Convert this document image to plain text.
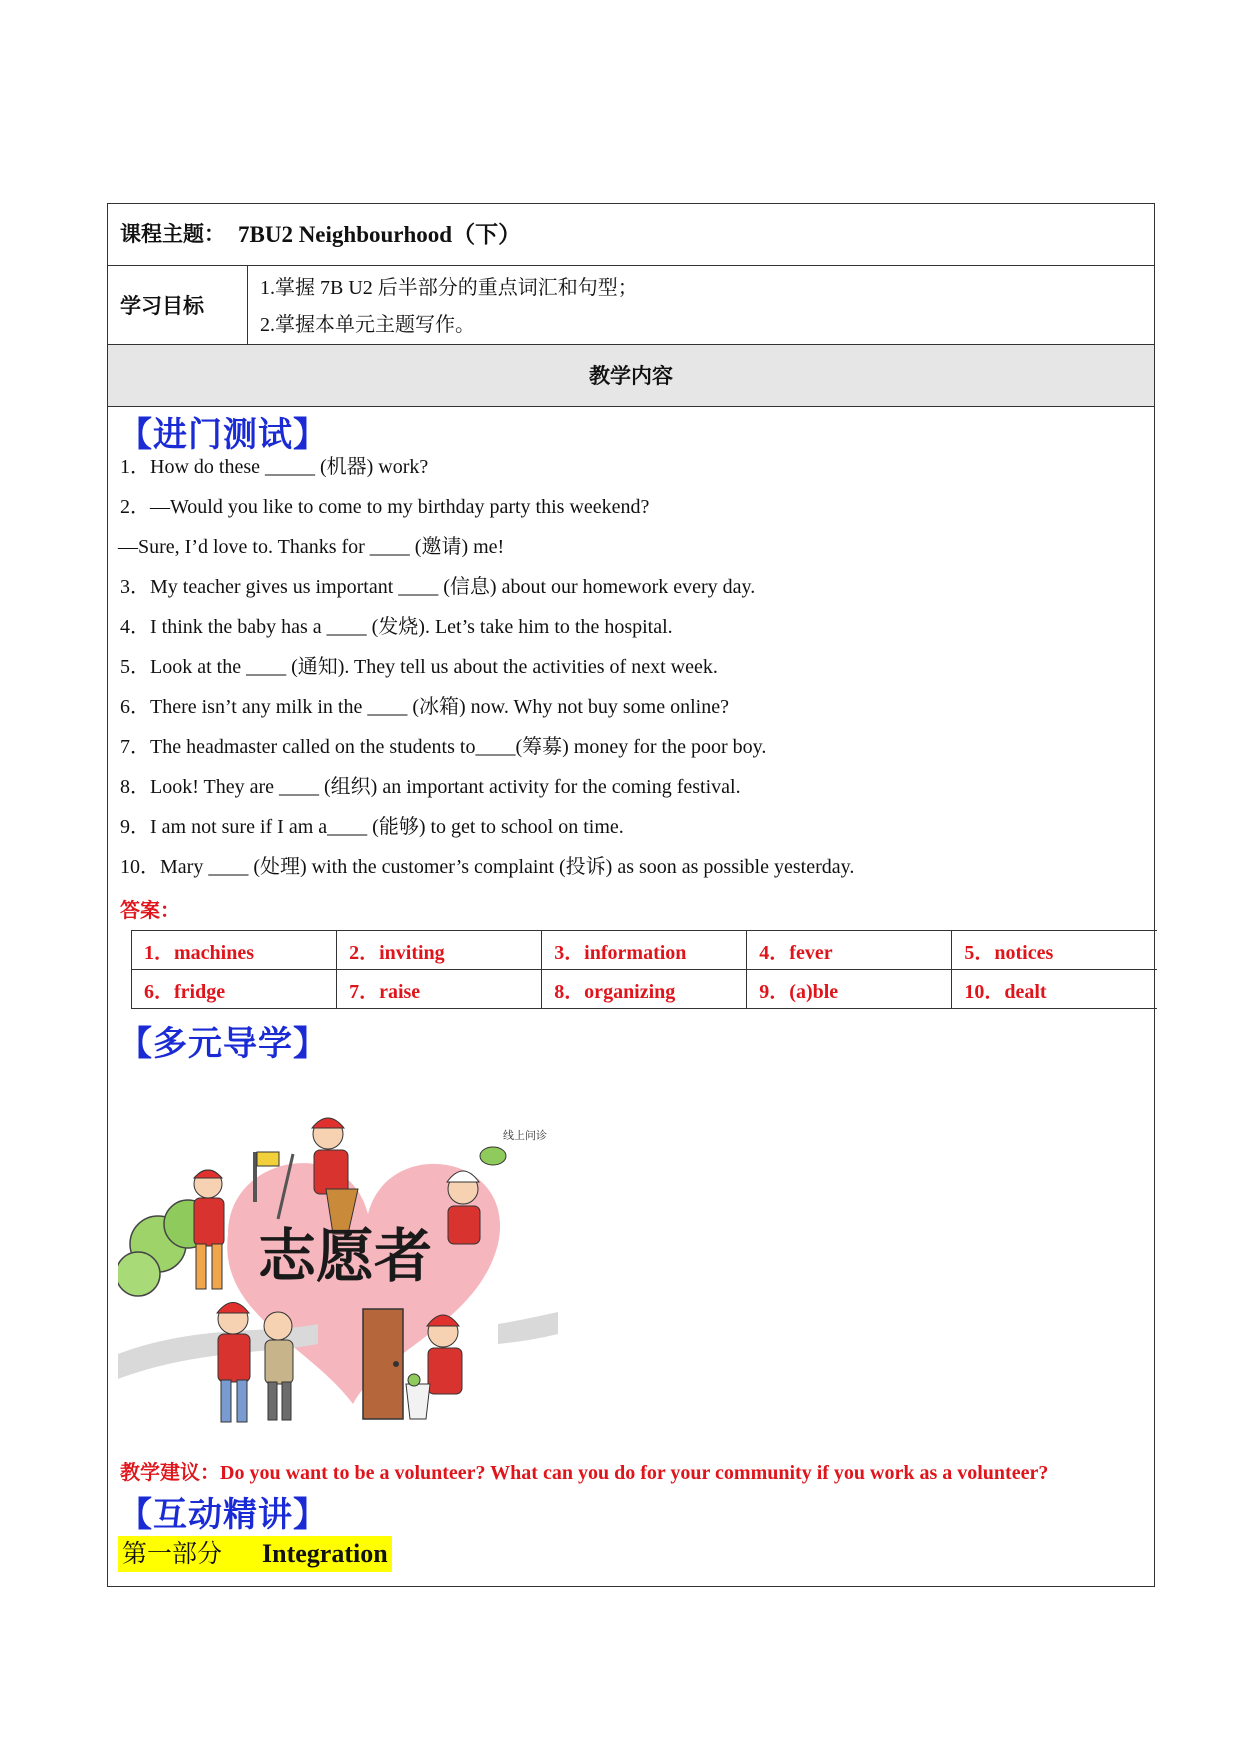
课程主题： 7BU2 Neighbourhood（下）
学习目标
1.掌握 7B U2 后半部分的重点词汇和句型；
2.掌握本单元主题写作。
教学内容
【进门测试】
1．How do these _____ (机器) work?
2．—Would you like to come to my birthday party this weekend?
—Sure, I’d love to. Thanks for ____ (邀请) me!
3．My teacher gives us important ____ (信息) about our homework every day.
4．I think the baby has a ____ (发烧). Let’s take him to the hospital.
5．Look at the ____ (通知). They tell us about the activities of next week.
6．There isn’t any milk in the ____ (冰箱) now. Why not buy some online?
7．The headmaster called on the students to____(筹募) money for the poor boy.
8．Look! They are ____ (组织) an important activity for the coming festival.
9．I am not sure if I am a____ (能够) to get to school on time.
10．Mary ____ (处理) with the customer’s complaint (投诉) as soon as possible yesterday.
答案：
1．machines	2．inviting	3．information	4．fever	5．notices
6．fridge	7．raise	8．organizing	9．(a)ble	10．dealt
【多元导学】
线上问诊
志愿者
教学建议：Do you want to be a volunteer? What can you do for your community if you work as a volunteer?
【互动精讲】
第一部分 Integration
